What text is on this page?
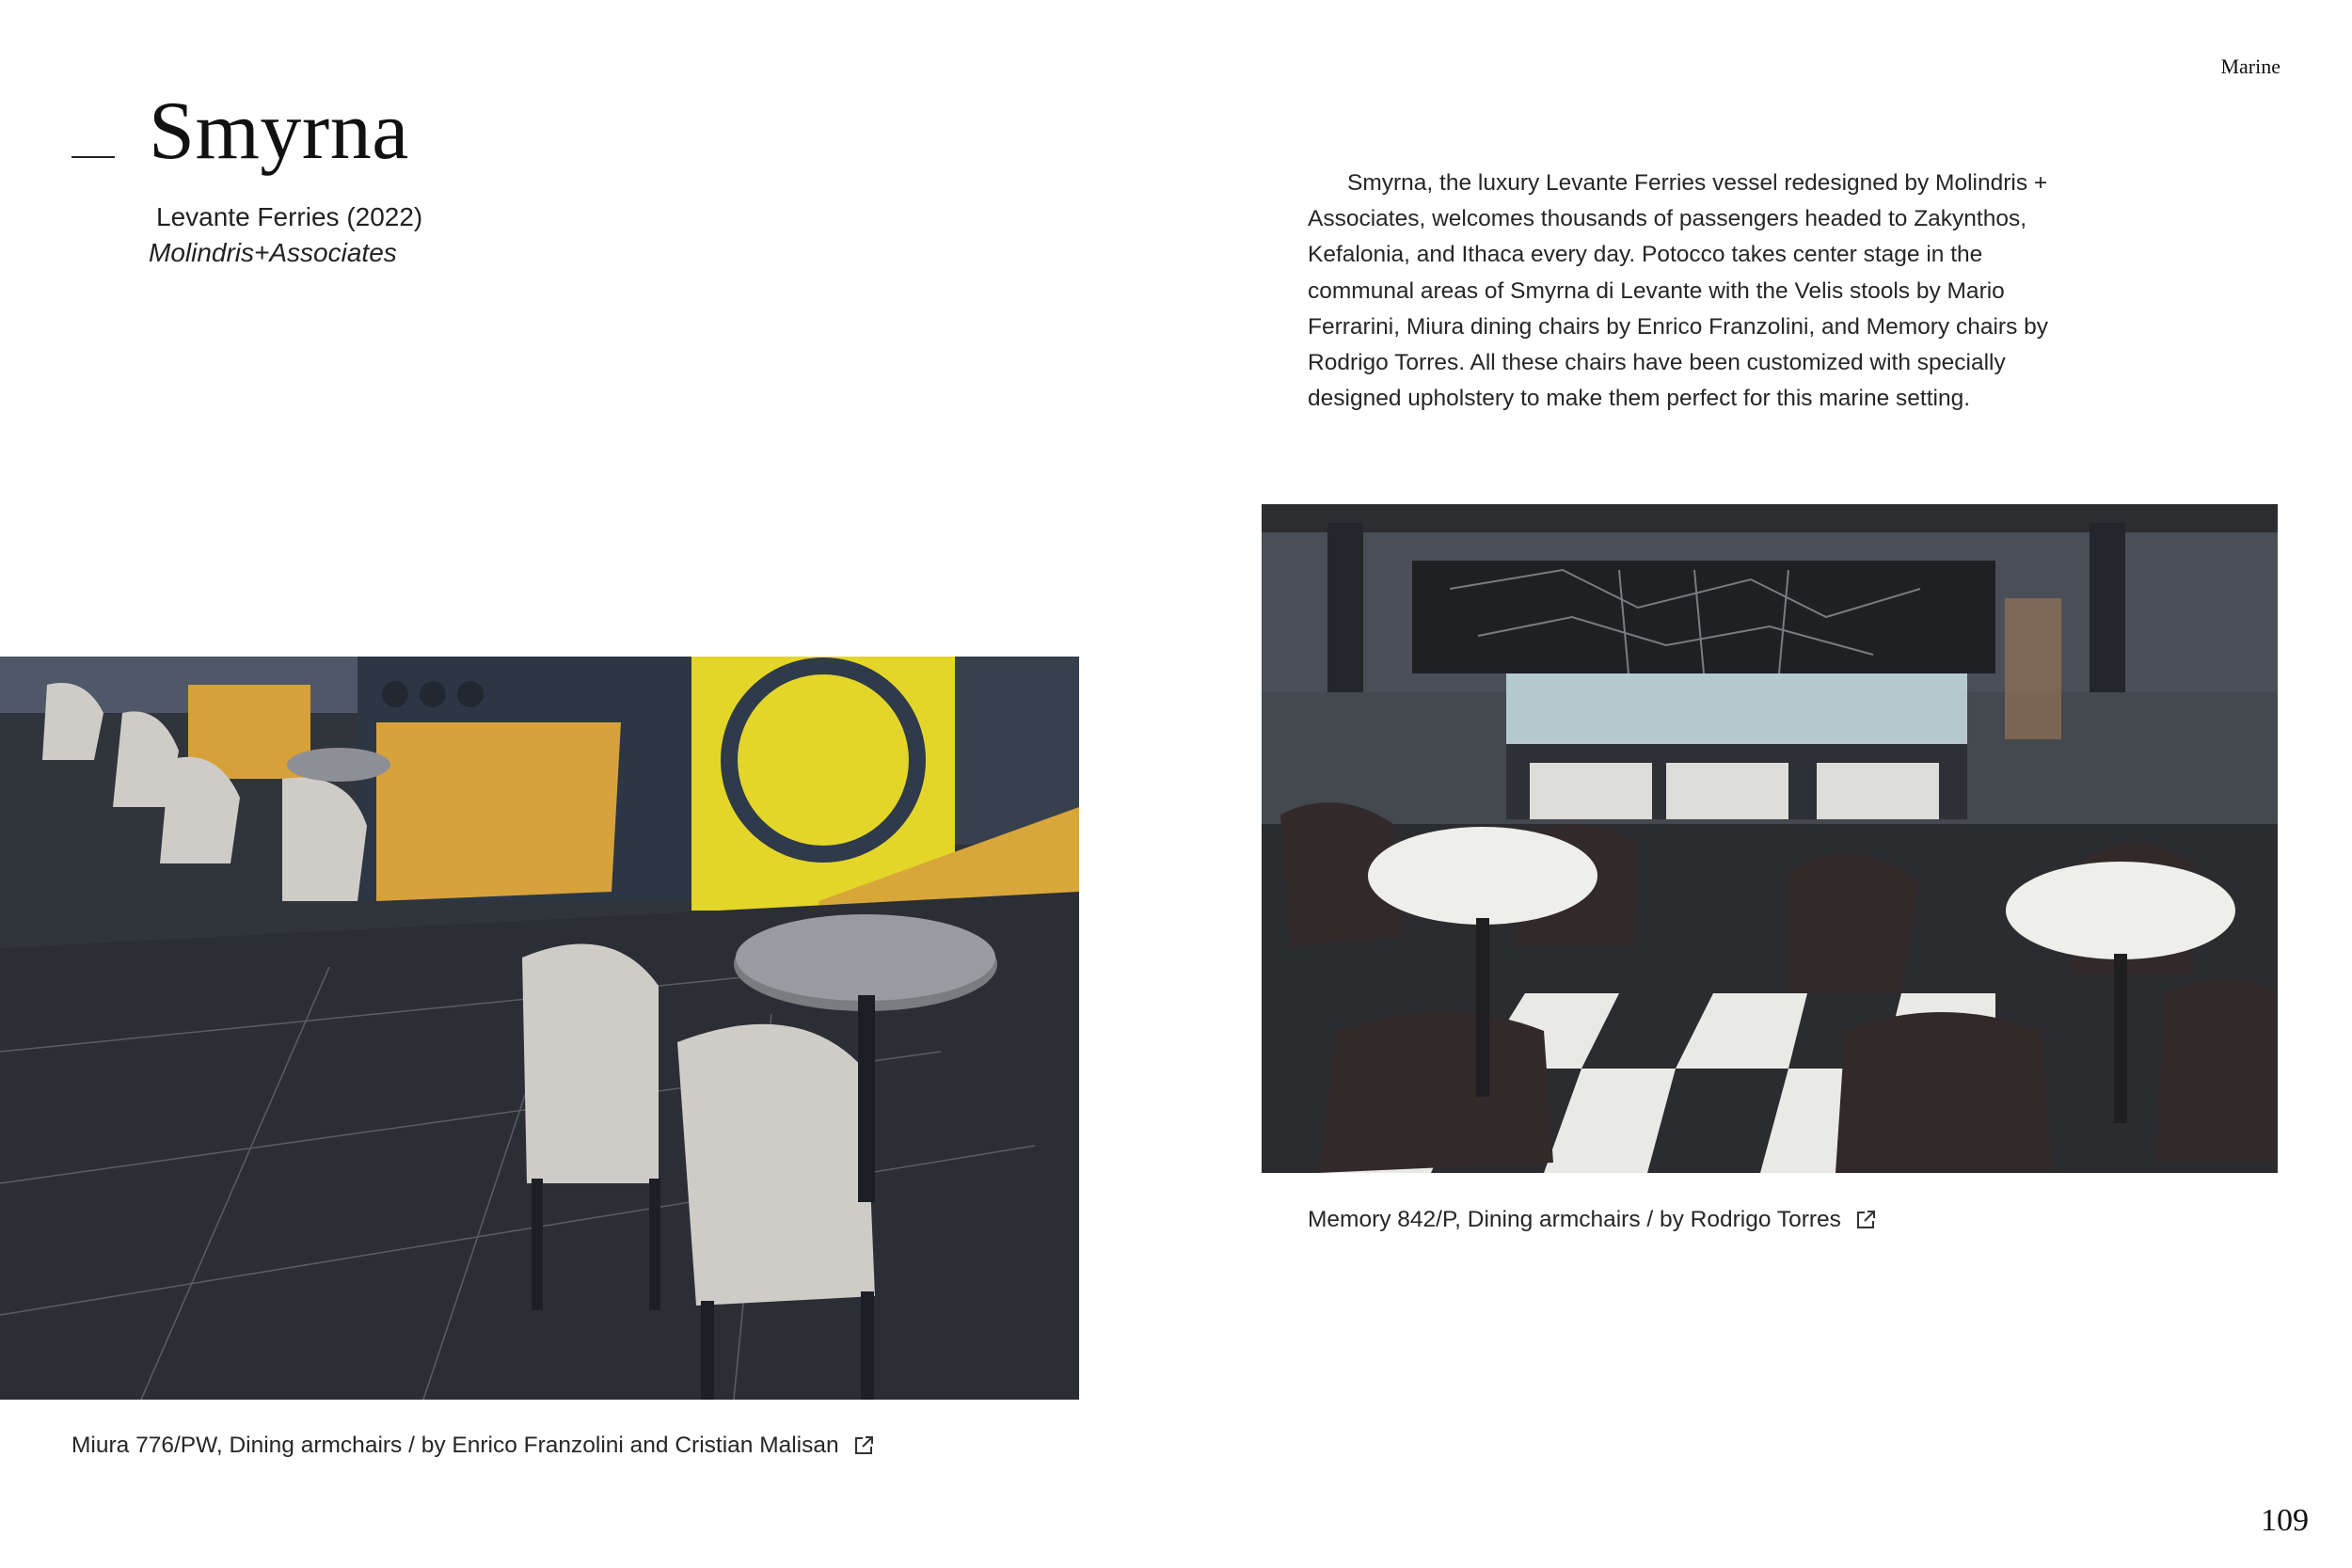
Marine
Smyrna
Levante Ferries (2022)
Molindris+Associates

Smyrna, the luxury Levante Ferries vessel redesigned by Molindris + Associates, welcomes thousands of passengers headed to Zakynthos, Kefalonia, and Ithaca every day. Potocco takes center stage in the communal areas of Smyrna di Levante with the Velis stools by Mario Ferrarini, Miura dining chairs by Enrico Franzolini, and Memory chairs by Rodrigo Torres. All these chairs have been customized with specially designed upholstery to make them perfect for this marine setting.

Memory 842/P, Dining armchairs / by Rodrigo Torres
Miura 776/PW, Dining armchairs / by Enrico Franzolini and Cristian Malisan
109
